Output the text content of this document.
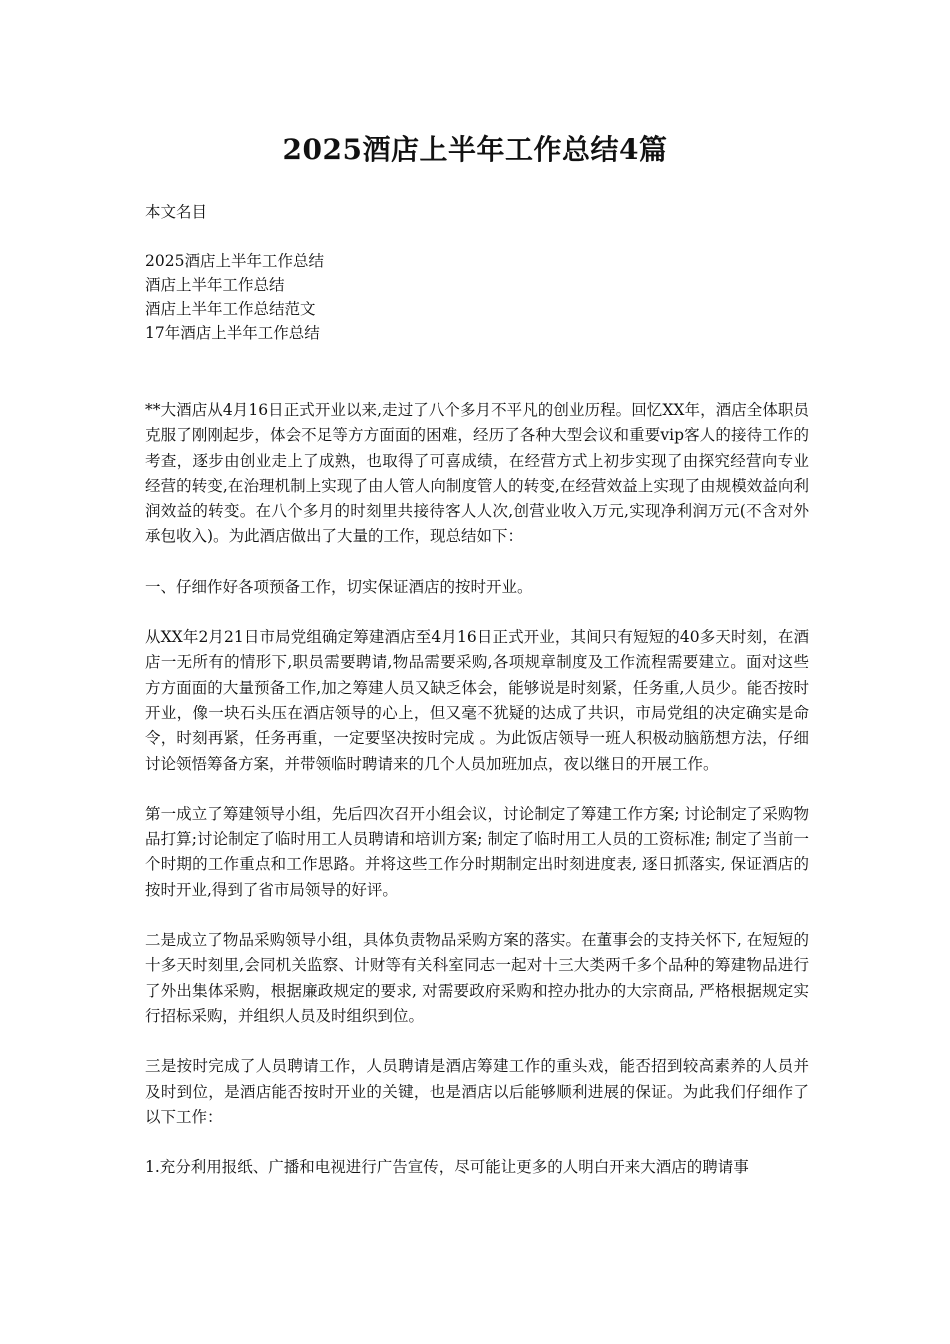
2025酒店上半年工作总结4篇
本文名目
2025酒店上半年工作总结
酒店上半年工作总结
酒店上半年工作总结范文
17年酒店上半年工作总结

**大酒店从4月16日正式开业以来,走过了八个多月不平凡的创业历程。回忆XX年，酒店全体职员克服了刚刚起步，体会不足等方方面面的困难，经历了各种大型会议和重要vip客人的接待工作的考查，逐步由创业走上了成熟，也取得了可喜成绩，在经营方式上初步实现了由探究经营向专业经营的转变,在治理机制上实现了由人管人向制度管人的转变,在经营效益上实现了由规模效益向利润效益的转变。在八个多月的时刻里共接待客人人次,创营业收入万元,实现净利润万元(不含对外承包收入)。为此酒店做出了大量的工作，现总结如下：

一、仔细作好各项预备工作，切实保证酒店的按时开业。

从XX年2月21日市局党组确定筹建酒店至4月16日正式开业，其间只有短短的40多天时刻，在酒店一无所有的情形下,职员需要聘请,物品需要采购,各项规章制度及工作流程需要建立。面对这些方方面面的大量预备工作,加之筹建人员又缺乏体会，能够说是时刻紧，任务重,人员少。能否按时开业，像一块石头压在酒店领导的心上，但又毫不犹疑的达成了共识，市局党组的决定确实是命令，时刻再紧，任务再重，一定要坚决按时完成 。为此饭店领导一班人积极动脑筋想方法，仔细讨论领悟筹备方案，并带领临时聘请来的几个人员加班加点，夜以继日的开展工作。

第一成立了筹建领导小组，先后四次召开小组会议，讨论制定了筹建工作方案; 讨论制定了采购物品打算;讨论制定了临时用工人员聘请和培训方案; 制定了临时用工人员的工资标准; 制定了当前一个时期的工作重点和工作思路。并将这些工作分时期制定出时刻进度表, 逐日抓落实, 保证酒店的按时开业,得到了省市局领导的好评。

二是成立了物品采购领导小组，具体负责物品采购方案的落实。在董事会的支持关怀下, 在短短的十多天时刻里,会同机关监察、计财等有关科室同志一起对十三大类两千多个品种的筹建物品进行了外出集体采购，根据廉政规定的要求, 对需要政府采购和控办批办的大宗商品, 严格根据规定实行招标采购，并组织人员及时组织到位。

三是按时完成了人员聘请工作，人员聘请是酒店筹建工作的重头戏，能否招到较高素养的人员并及时到位，是酒店能否按时开业的关键，也是酒店以后能够顺利进展的保证。为此我们仔细作了以下工作：

1.充分利用报纸、广播和电视进行广告宣传，尽可能让更多的人明白开来大酒店的聘请事
